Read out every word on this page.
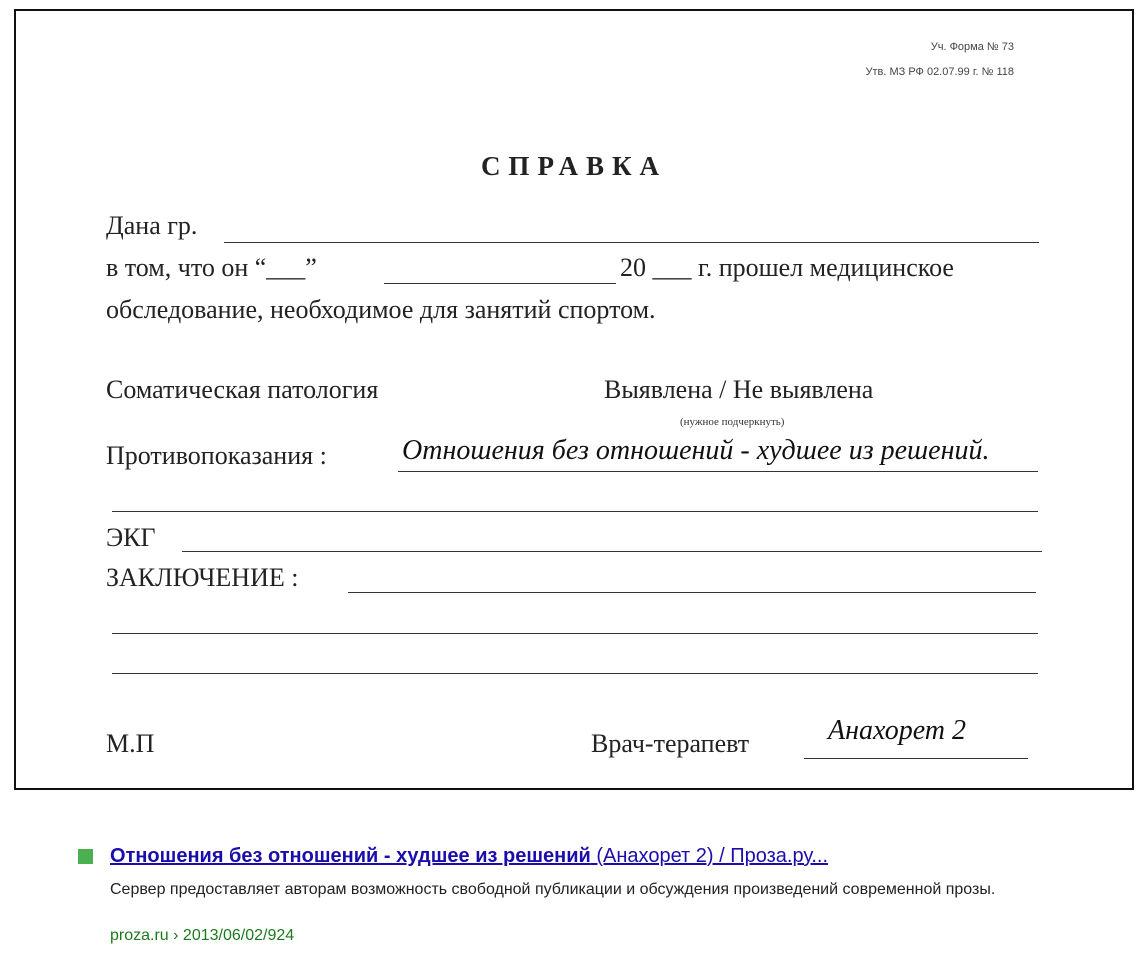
Уч. Форма № 73
Утв. МЗ РФ 02.07.99 г. № 118
СПРАВКА
Дана гр.
в том, что он “___”	20 ___ г. прошел медицинское
обследование, необходимое для занятий спортом.
Соматическая патология	Выявлена / Не выявлена
(нужное подчеркнуть)
Противопоказания :	Отношения без отношений - худшее из решений.
ЭКГ
ЗАКЛЮЧЕНИЕ :
М.П	Врач-терапевт	Анахорет 2
Отношения без отношений - худшее из решений (Анахорет 2) / Проза.ру...
Сервер предоставляет авторам возможность свободной публикации и обсуждения произведений современной прозы.
proza.ru › 2013/06/02/924
